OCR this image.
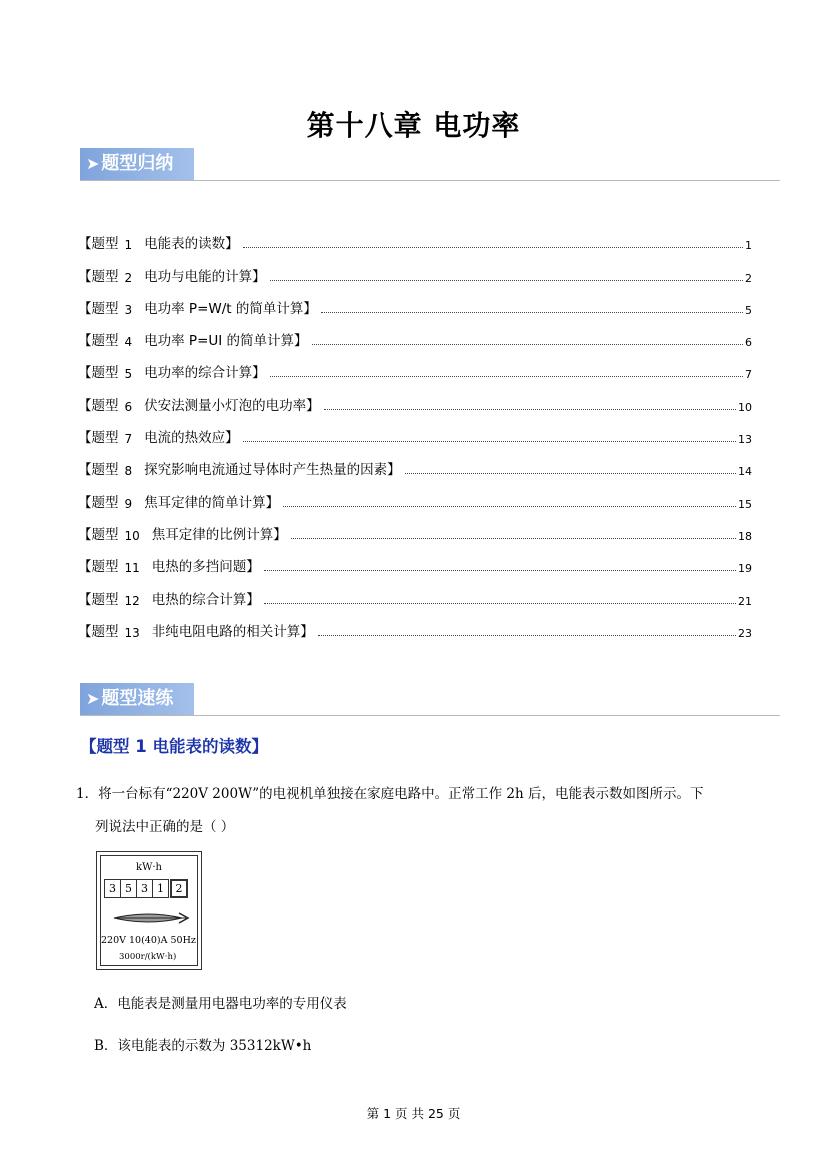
第十八章 电功率
➤ 题型归纳
【题型 1 电能表的读数】	1
【题型 2 电功与电能的计算】	2
【题型 3 电功率 P=W/t 的简单计算】	5
【题型 4 电功率 P=UI 的简单计算】	6
【题型 5 电功率的综合计算】	7
【题型 6 伏安法测量小灯泡的电功率】	10
【题型 7 电流的热效应】	13
【题型 8 探究影响电流通过导体时产生热量的因素】	14
【题型 9 焦耳定律的简单计算】	15
【题型 10 焦耳定律的比例计算】	18
【题型 11 电热的多挡问题】	19
【题型 12 电热的综合计算】	21
【题型 13 非纯电阻电路的相关计算】	23
➤ 题型速练
【题型 1 电能表的读数】
1．将一台标有“220V 200W”的电视机单独接在家庭电路中。正常工作 2h 后，电能表示数如图所示。下
列说法中正确的是（ ）
kW·h
3 5 3 1	2
220V 10(40)A 50Hz
3000r/(kW·h)
A．电能表是测量用电器电功率的专用仪表
B．该电能表的示数为 35312kW•h
第 1 页 共 25 页
